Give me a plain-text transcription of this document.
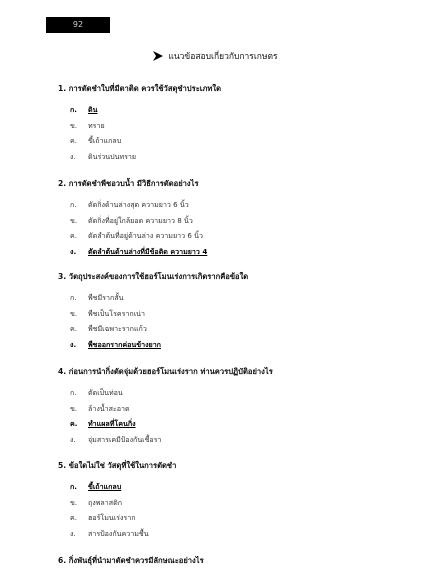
92
แนวข้อสอบเกี่ยวกับการเกษตร
1. การตัดชำใบที่มีตาติด ควรใช้วัสดุชำประเภทใด
ก. ดิน
ข. ทราย
ค. ขี้เถ้าแกลบ
ง. ดินร่วนปนทราย
2. การตัดชำพืชอวบน้ำ มีวิธีการตัดอย่างไร
ก. ตัดกิ่งด้านล่างสุด ความยาว 6 นิ้ว
ข. ตัดกิ่งที่อยู่ใกล้ยอด ความยาว 8 นิ้ว
ค. ตัดลำต้นที่อยู่ด้านล่าง ความยาว 6 นิ้ว
ง. ตัดลำต้นด้านล่างที่มีข้อติด ความยาว 4
3. วัตถุประสงค์ของการใช้ฮอร์โมนเร่งการเกิดรากคือข้อใด
ก. พืชมีรากสั้น
ข. พืชเป็นโรครากเน่า
ค. พืชมีเฉพาะรากแก้ว
ง. พืชออกรากค่อนข้างยาก
4. ก่อนการนำกิ่งตัดจุ่มด้วยฮอร์โมนเร่งราก ท่านควรปฏิบัติอย่างไร
ก. ตัดเป็นท่อน
ข. ล้างน้ำสะอาด
ค. ทำแผลที่โคนกิ่ง
ง. จุ่มสารเคมีป้องกันเชื้อรา
5. ข้อใดไม่ใช่ วัสดุที่ใช้ในการตัดชำ
ก. ขี้เถ้าแกลบ
ข. ถุงพลาสติก
ค. ฮอร์โมนเร่งราก
ง. สารป้องกันความชื้น
6. กิ่งพันธุ์ที่นำมาตัดชำควรมีลักษณะอย่างไร
